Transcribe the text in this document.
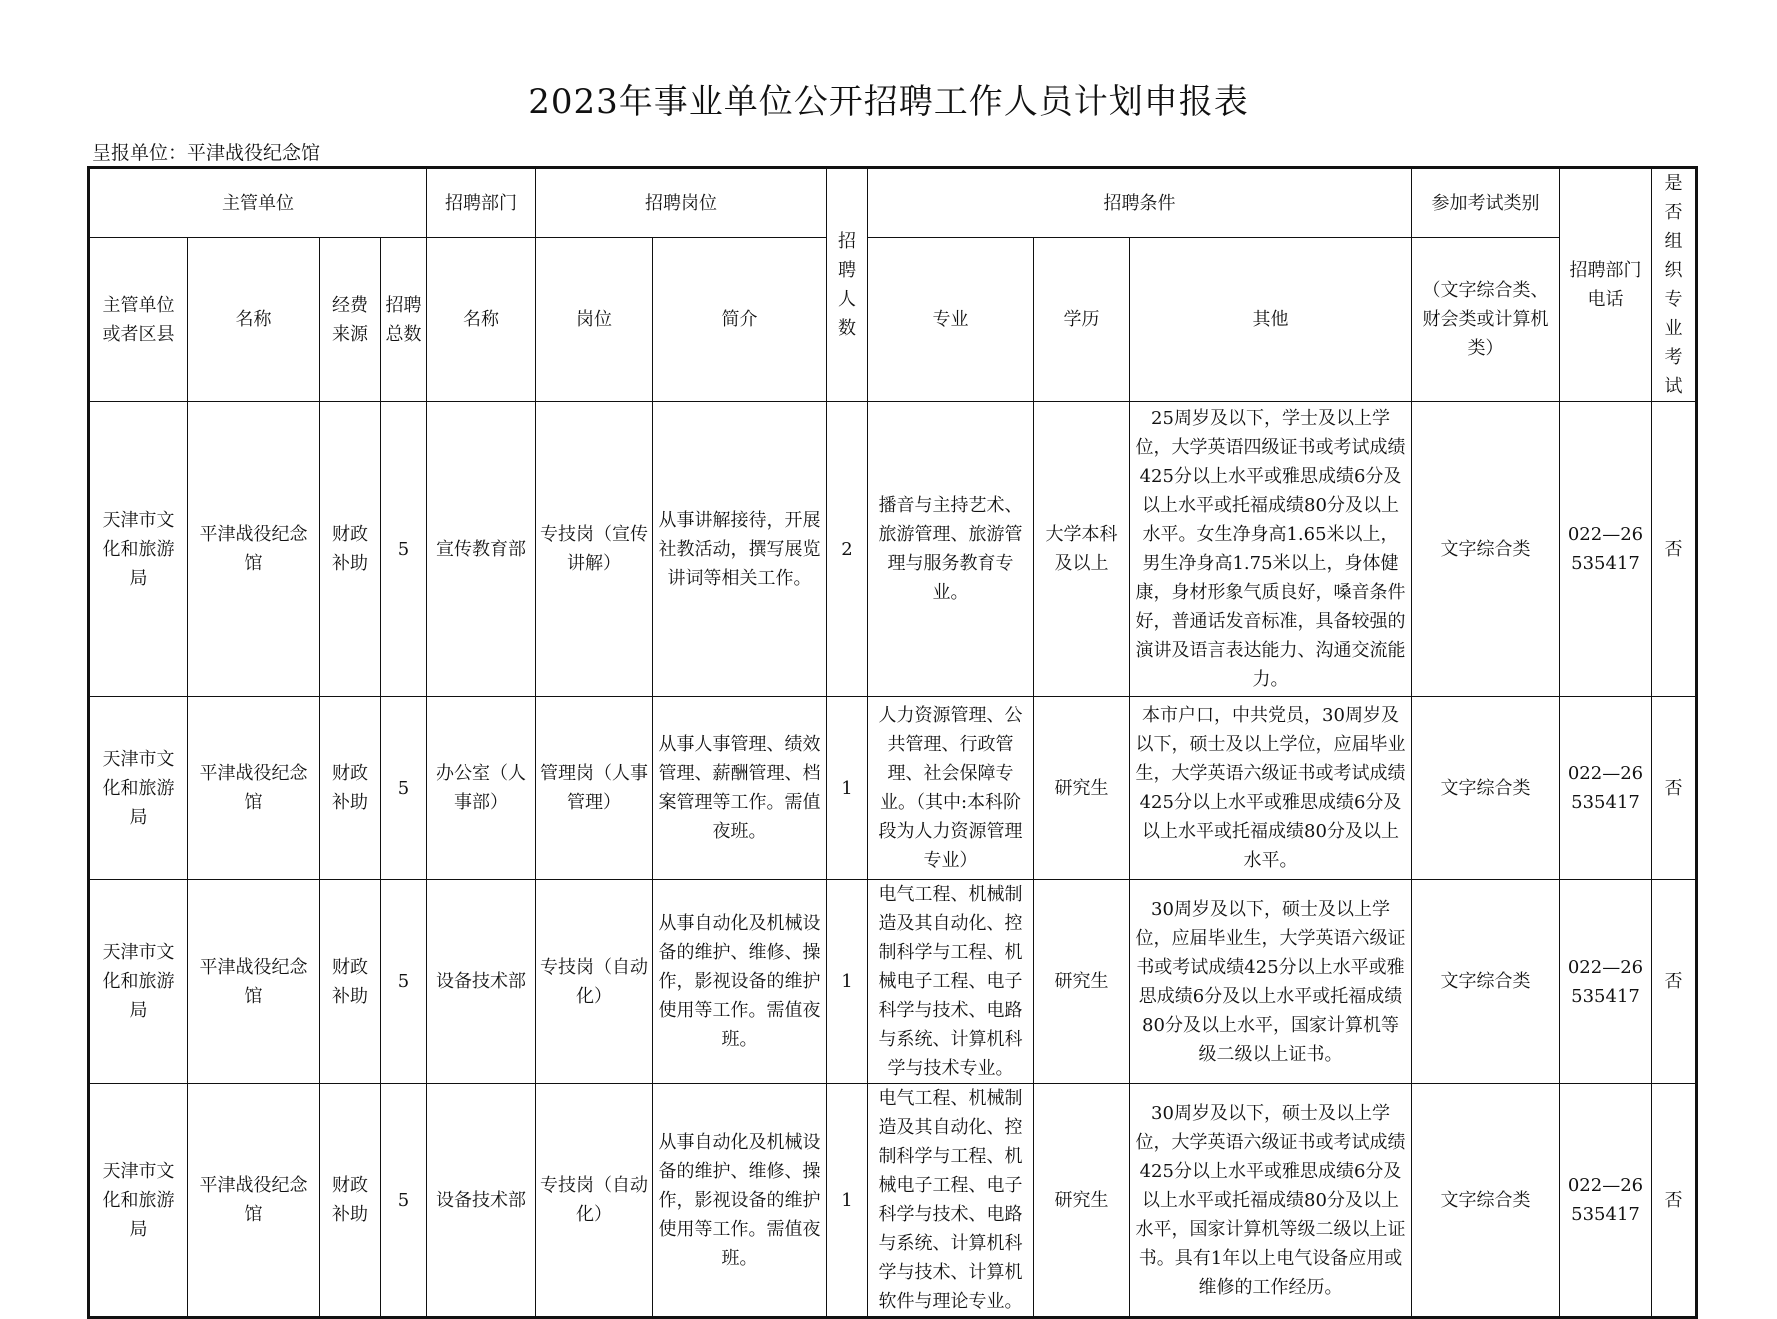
2023年事业单位公开招聘工作人员计划申报表
呈报单位：平津战役纪念馆
主管单位				招聘部门	招聘岗位		招聘人数	招聘条件			参加考试类别	招聘部门电话	是否组织专业考试
主管单位或者区县	名称	经费来源	招聘总数	名称	岗位	简介		专业	学历	其他	（文字综合类、财会类或计算机类）		
天津市文化和旅游局	平津战役纪念馆	财政补助	5	宣传教育部	专技岗（宣传讲解）	从事讲解接待，开展社教活动，撰写展览讲词等相关工作。	2	播音与主持艺术、旅游管理、旅游管理与服务教育专业。	大学本科及以上	25周岁及以下，学士及以上学位，大学英语四级证书或考试成绩425分以上水平或雅思成绩6分及以上水平或托福成绩80分及以上水平。女生净身高1.65米以上，男生净身高1.75米以上，身体健康，身材形象气质良好，嗓音条件好，普通话发音标准，具备较强的演讲及语言表达能力、沟通交流能力。	文字综合类	022—26535417	否
天津市文化和旅游局	平津战役纪念馆	财政补助	5	办公室（人事部）	管理岗（人事管理）	从事人事管理、绩效管理、薪酬管理、档案管理等工作。需值夜班。	1	人力资源管理、公共管理、行政管理、社会保障专业。（其中:本科阶段为人力资源管理专业）	研究生	本市户口，中共党员，30周岁及以下，硕士及以上学位，应届毕业生，大学英语六级证书或考试成绩425分以上水平或雅思成绩6分及以上水平或托福成绩80分及以上水平。	文字综合类	022—26535417	否
天津市文化和旅游局	平津战役纪念馆	财政补助	5	设备技术部	专技岗（自动化）	从事自动化及机械设备的维护、维修、操作，影视设备的维护使用等工作。需值夜班。	1	电气工程、机械制造及其自动化、控制科学与工程、机械电子工程、电子科学与技术、电路与系统、计算机科学与技术专业。	研究生	30周岁及以下，硕士及以上学位，应届毕业生，大学英语六级证书或考试成绩425分以上水平或雅思成绩6分及以上水平或托福成绩80分及以上水平，国家计算机等级二级以上证书。	文字综合类	022—26535417	否
天津市文化和旅游局	平津战役纪念馆	财政补助	5	设备技术部	专技岗（自动化）	从事自动化及机械设备的维护、维修、操作，影视设备的维护使用等工作。需值夜班。	1	电气工程、机械制造及其自动化、控制科学与工程、机械电子工程、电子科学与技术、电路与系统、计算机科学与技术、计算机软件与理论专业。	研究生	30周岁及以下，硕士及以上学位，大学英语六级证书或考试成绩425分以上水平或雅思成绩6分及以上水平或托福成绩80分及以上水平，国家计算机等级二级以上证书。具有1年以上电气设备应用或维修的工作经历。	文字综合类	022—26535417	否
